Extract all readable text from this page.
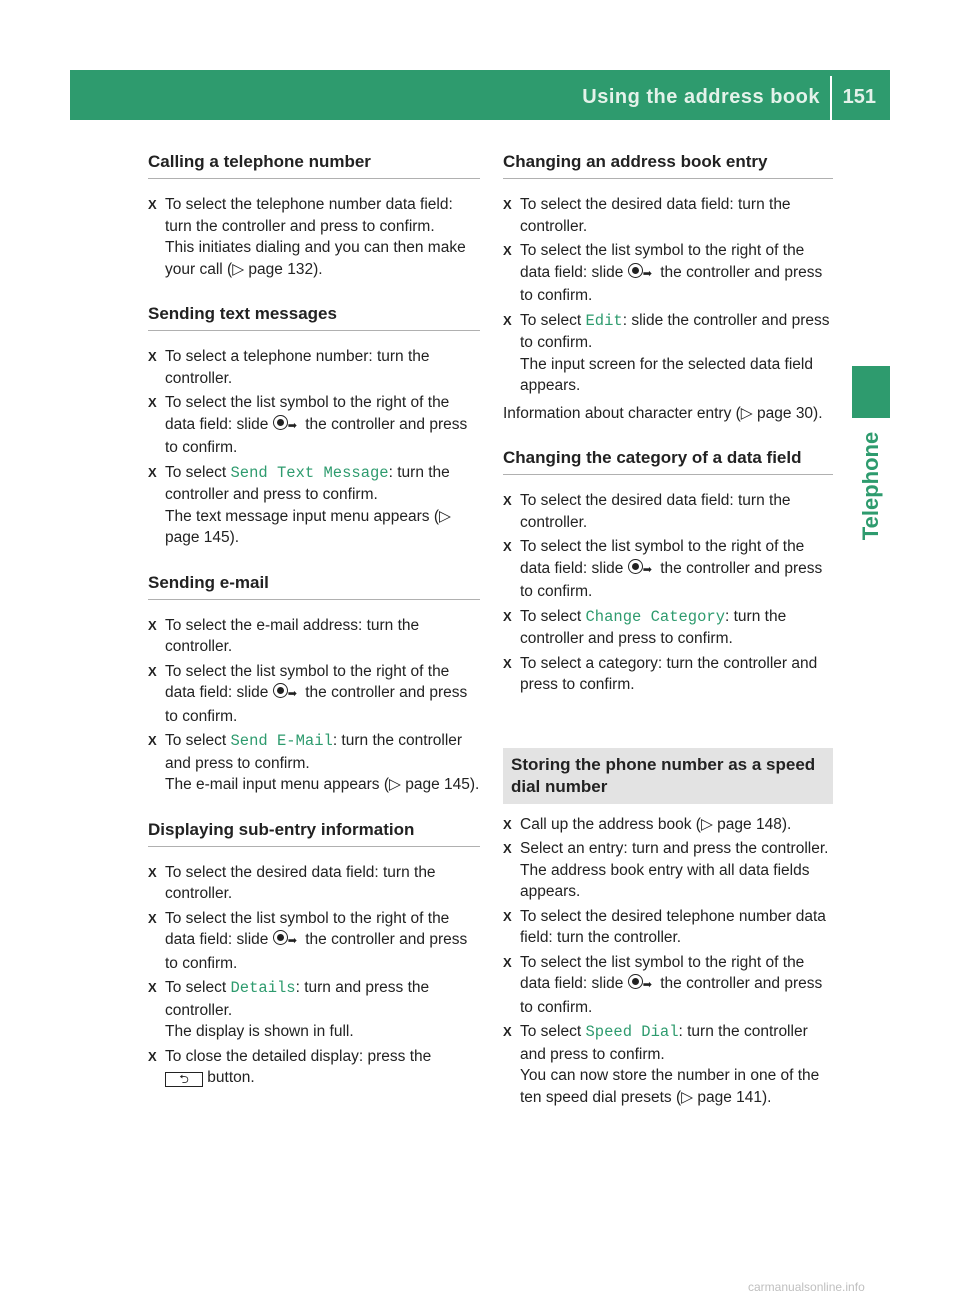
Using the address book 151
Telephone
Calling a telephone number
X To select the telephone number data field: turn the controller and press to confirm.
This initiates dialing and you can then make your call (▷ page 132).
Sending text messages
X To select a telephone number: turn the controller.
X To select the list symbol to the right of the data field: slide ➡ the controller and press to confirm.
X To select Send Text Message: turn the controller and press to confirm.
The text message input menu appears (▷ page 145).
Sending e-mail
X To select the e-mail address: turn the controller.
X To select the list symbol to the right of the data field: slide ➡ the controller and press to confirm.
X To select Send E-Mail: turn the controller and press to confirm.
The e-mail input menu appears (▷ page 145).
Displaying sub-entry information
X To select the desired data field: turn the controller.
X To select the list symbol to the right of the data field: slide ➡ the controller and press to confirm.
X To select Details: turn and press the controller.
The display is shown in full.
X To close the detailed display: press the
⮌ button.
Changing an address book entry
X To select the desired data field: turn the controller.
X To select the list symbol to the right of the data field: slide ➡ the controller and press to confirm.
X To select Edit: slide the controller and press to confirm.
The input screen for the selected data field appears.

Information about character entry (▷ page 30).

Changing the category of a data field
X To select the desired data field: turn the controller.
X To select the list symbol to the right of the data field: slide ➡ the controller and press to confirm.
X To select Change Category: turn the controller and press to confirm.
X To select a category: turn the controller and press to confirm.
Storing the phone number as a speed dial number
X Call up the address book (▷ page 148).
X Select an entry: turn and press the controller.
The address book entry with all data fields appears.
X To select the desired telephone number data field: turn the controller.
X To select the list symbol to the right of the data field: slide ➡ the controller and press to confirm.
X To select Speed Dial: turn the controller and press to confirm.
You can now store the number in one of the ten speed dial presets (▷ page 141).
carmanualsonline.info
